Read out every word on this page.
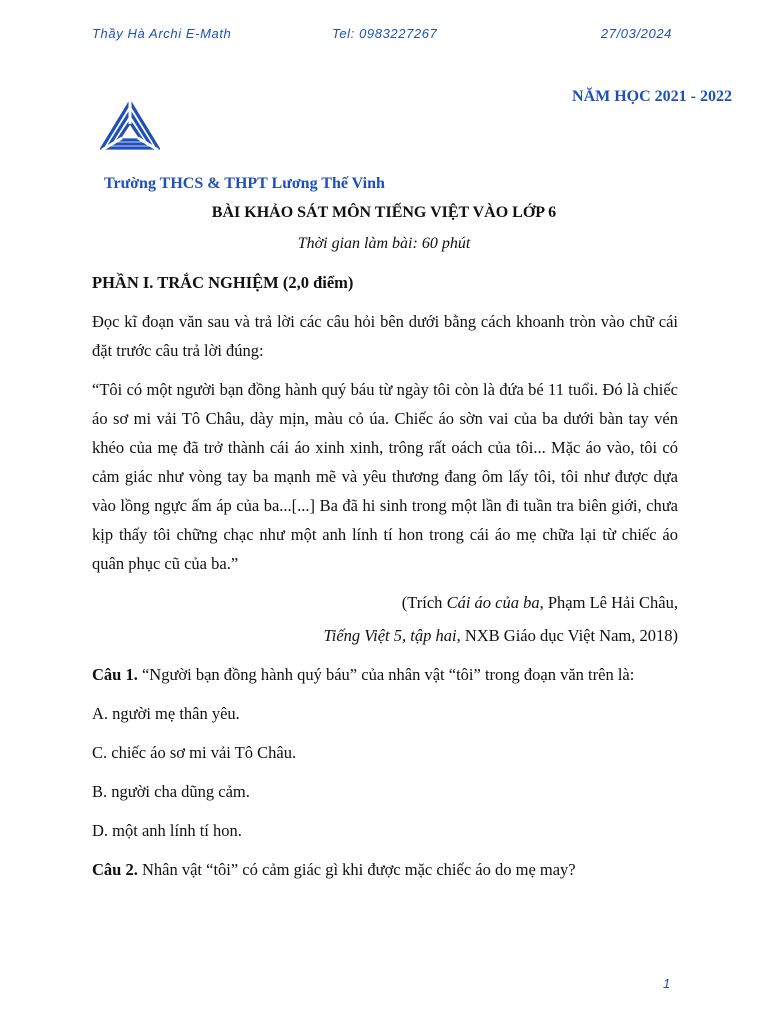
Thầy Hà Archi E-Math	Tel: 0983227267	27/03/2024
NĂM HỌC 2021 - 2022
Trường THCS & THPT Lương Thế Vinh
BÀI KHẢO SÁT MÔN TIẾNG VIỆT VÀO LỚP 6
Thời gian làm bài: 60 phút

PHẦN I. TRẮC NGHIỆM (2,0 điểm)

Đọc kĩ đoạn văn sau và trả lời các câu hỏi bên dưới bằng cách khoanh tròn vào chữ cái đặt trước câu trả lời đúng:

“Tôi có một người bạn đồng hành quý báu từ ngày tôi còn là đứa bé 11 tuổi. Đó là chiếc áo sơ mi vải Tô Châu, dày mịn, màu cỏ úa. Chiếc áo sờn vai của ba dưới bàn tay vén khéo của mẹ đã trở thành cái áo xinh xinh, trông rất oách của tôi... Mặc áo vào, tôi có cảm giác như vòng tay ba mạnh mẽ và yêu thương đang ôm lấy tôi, tôi như được dựa vào lồng ngực ấm áp của ba...[...] Ba đã hi sinh trong một lần đi tuần tra biên giới, chưa kịp thấy tôi chững chạc như một anh lính tí hon trong cái áo mẹ chữa lại từ chiếc áo quân phục cũ của ba.”

(Trích Cái áo của ba, Phạm Lê Hải Châu,

Tiếng Việt 5, tập hai, NXB Giáo dục Việt Nam, 2018)

Câu 1. “Người bạn đồng hành quý báu” của nhân vật “tôi” trong đoạn văn trên là:

A. người mẹ thân yêu.

C. chiếc áo sơ mi vải Tô Châu.

B. người cha dũng cảm.

D. một anh lính tí hon.

Câu 2. Nhân vật “tôi” có cảm giác gì khi được mặc chiếc áo do mẹ may?

1
